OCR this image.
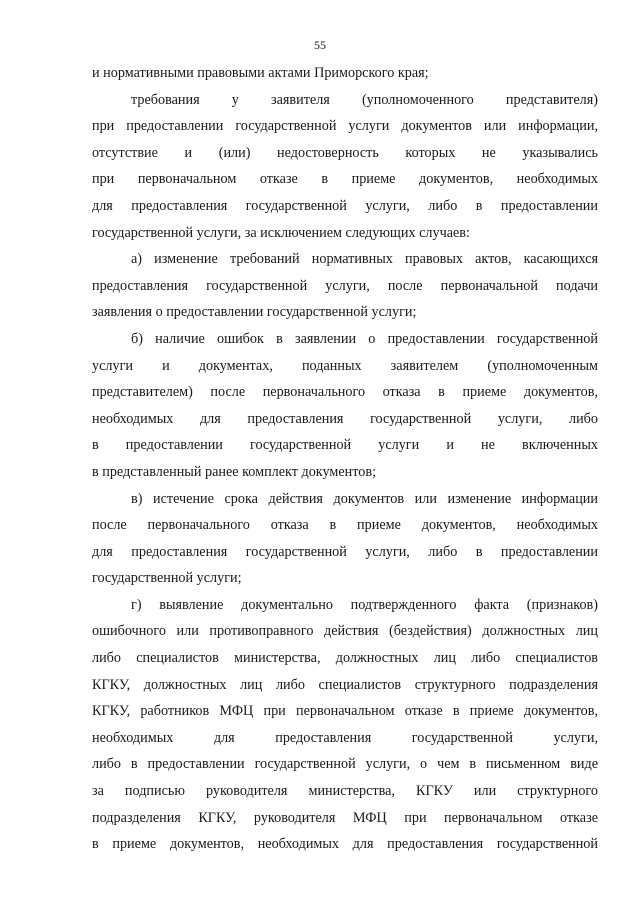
55
и нормативными правовыми актами Приморского края;
требования у заявителя (уполномоченного представителя)
при предоставлении государственной услуги документов или информации,
отсутствие и (или) недостоверность которых не указывались
при первоначальном отказе в приеме документов, необходимых
для предоставления государственной услуги, либо в предоставлении
государственной услуги, за исключением следующих случаев:
а) изменение требований нормативных правовых актов, касающихся
предоставления государственной услуги, после первоначальной подачи
заявления о предоставлении государственной услуги;
б) наличие ошибок в заявлении о предоставлении государственной
услуги и документах, поданных заявителем (уполномоченным
представителем) после первоначального отказа в приеме документов,
необходимых для предоставления государственной услуги, либо
в предоставлении государственной услуги и не включенных
в представленный ранее комплект документов;
в) истечение срока действия документов или изменение информации
после первоначального отказа в приеме документов, необходимых
для предоставления государственной услуги, либо в предоставлении
государственной услуги;
г) выявление документально подтвержденного факта (признаков)
ошибочного или противоправного действия (бездействия) должностных лиц
либо специалистов министерства, должностных лиц либо специалистов
КГКУ, должностных лиц либо специалистов структурного подразделения
КГКУ, работников МФЦ при первоначальном отказе в приеме документов,
необходимых для предоставления государственной услуги,
либо в предоставлении государственной услуги, о чем в письменном виде
за подписью руководителя министерства, КГКУ или структурного
подразделения КГКУ, руководителя МФЦ при первоначальном отказе
в приеме документов, необходимых для предоставления государственной
